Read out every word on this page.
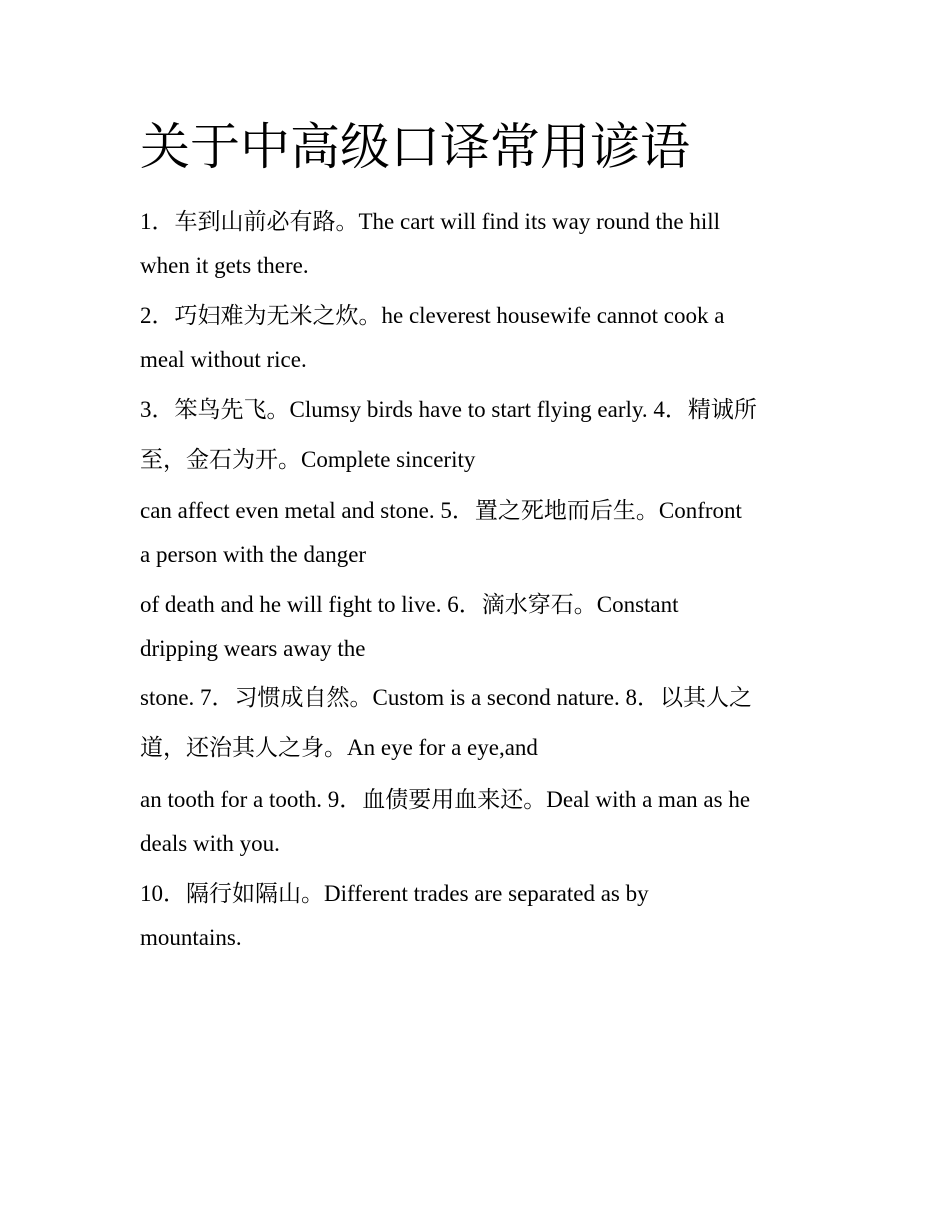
关于中高级口译常用谚语

1．车到山前必有路。The cart will find its way round the hill
when it gets there.

2．巧妇难为无米之炊。he cleverest housewife cannot cook a
meal without rice.

3．笨鸟先飞。Clumsy birds have to start flying early. 4．精诚所
至，金石为开。Complete sincerity

can affect even metal and stone. 5．置之死地而后生。Confront
a person with the danger

of death and he will fight to live. 6．滴水穿石。Constant
dripping wears away the

stone. 7．习惯成自然。Custom is a second nature. 8．以其人之
道，还治其人之身。An eye for a eye,and

an tooth for a tooth. 9．血债要用血来还。Deal with a man as he
deals with you.

10．隔行如隔山。Different trades are separated as by
mountains.
